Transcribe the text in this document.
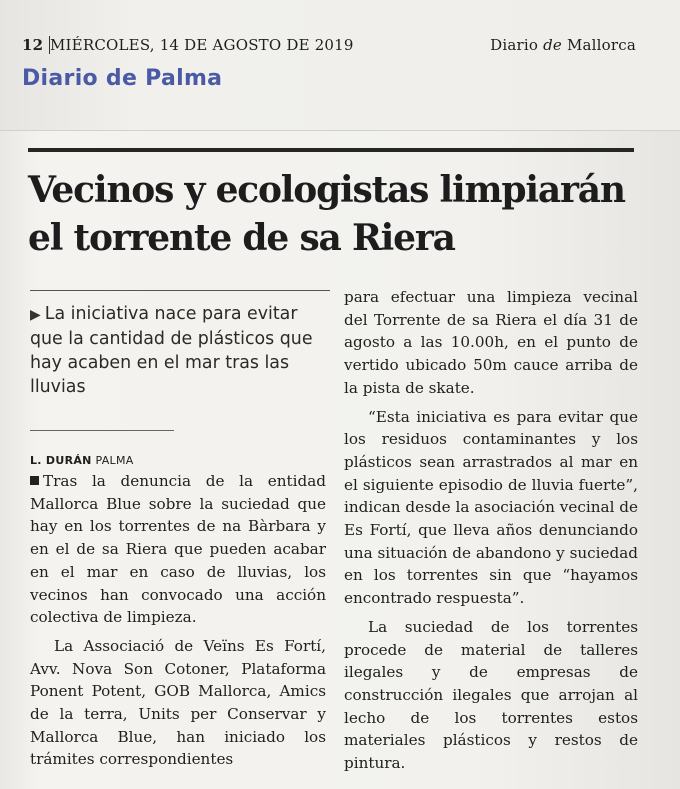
12 MIÉRCOLES, 14 DE AGOSTO DE 2019	Diario de Mallorca
Diario de Palma
Vecinos y ecologistas limpiarán
el torrente de sa Riera
▶ La iniciativa nace para evitar que la cantidad de plásticos que hay acaben en el mar tras las lluvias
L. DURÁN PALMA

Tras la denuncia de la entidad Mallorca Blue sobre la suciedad que hay en los torrentes de na Bàrbara y en el de sa Riera que pueden acabar en el mar en caso de lluvias, los vecinos han convocado una acción colectiva de limpieza.

La Associació de Veïns Es Fortí, Avv. Nova Son Cotoner, Plataforma Ponent Potent, GOB Mallorca, Amics de la terra, Units per Conservar y Mallorca Blue, han iniciado los trámites correspondientes

para efectuar una limpieza vecinal del Torrente de sa Riera el día 31 de agosto a las 10.00h, en el punto de vertido ubicado 50m cauce arriba de la pista de skate.

“Esta iniciativa es para evitar que los residuos contaminantes y los plásticos sean arrastrados al mar en el siguiente episodio de lluvia fuerte”, indican desde la asociación vecinal de Es Fortí, que lleva años denunciando una situación de abandono y suciedad en los torrentes sin que “hayamos encontrado respuesta”.

La suciedad de los torrentes procede de material de talleres ilegales y de empresas de construcción ilegales que arrojan al lecho de los torrentes estos materiales plásticos y restos de pintura.
